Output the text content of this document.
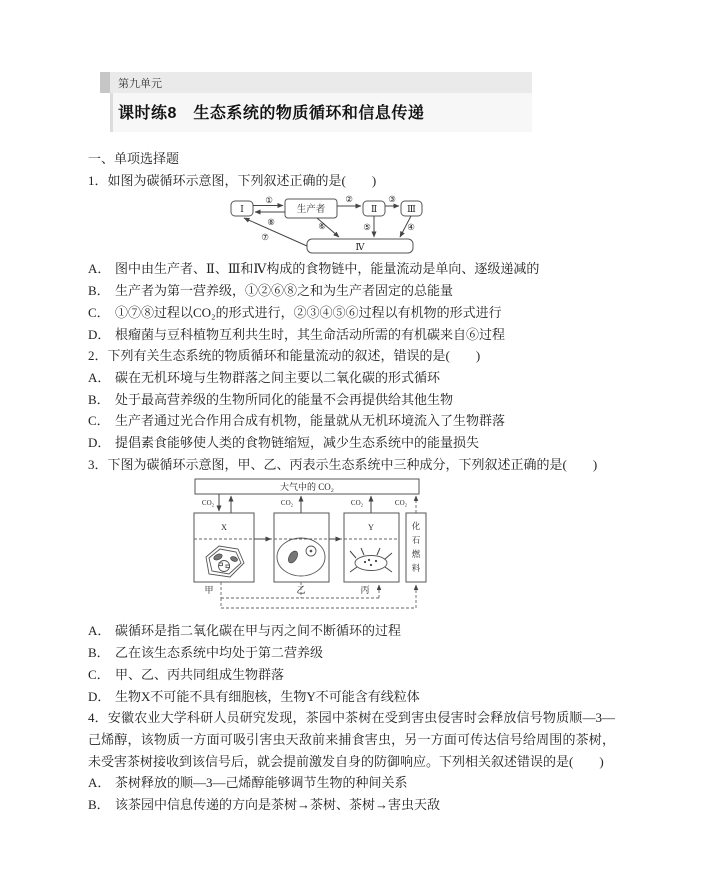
第九单元
课时练8　生态系统的物质循环和信息传递

一、单项选择题

1．如图为碳循环示意图，下列叙述正确的是(　　)

Ⅰ	生产者	Ⅱ	Ⅲ
Ⅳ
①
⑧
②	③
⑤	④
⑥
⑦
A． 图中由生产者、Ⅱ、Ⅲ和Ⅳ构成的食物链中，能量流动是单向、逐级递减的
B． 生产者为第一营养级，①②⑥⑧之和为生产者固定的总能量
C． ①⑦⑧过程以CO₂的形式进行，②③④⑤⑥过程以有机物的形式进行
D． 根瘤菌与豆科植物互利共生时，其生命活动所需的有机碳来自⑥过程

2．下列有关生态系统的物质循环和能量流动的叙述，错误的是(　　)

A． 碳在无机环境与生物群落之间主要以二氧化碳的形式循环
B． 处于最高营养级的生物所同化的能量不会再提供给其他生物
C． 生产者通过光合作用合成有机物，能量就从无机环境流入了生物群落
D． 提倡素食能够使人类的食物链缩短，减少生态系统中的能量损失

3．下图为碳循环示意图，甲、乙、丙表示生态系统中三种成分，下列叙述正确的是(　　)

大气中的 CO₂
CO₂	CO₂	CO₂	CO₂
化
石
燃
料
X	Y
甲	乙	丙
A． 碳循环是指二氧化碳在甲与丙之间不断循环的过程
B． 乙在该生态系统中均处于第二营养级
C． 甲、乙、丙共同组成生物群落
D． 生物X不可能不具有细胞核，生物Y不可能含有线粒体

4．安徽农业大学科研人员研究发现，茶园中茶树在受到害虫侵害时会释放信号物质顺—3—己烯醇，该物质一方面可吸引害虫天敌前来捕食害虫，另一方面可传达信号给周围的茶树，未受害茶树接收到该信号后，就会提前激发自身的防御响应。下列相关叙述错误的是(　　)

A． 茶树释放的顺—3—己烯醇能够调节生物的种间关系
B． 该茶园中信息传递的方向是茶树→茶树、茶树→害虫天敌
